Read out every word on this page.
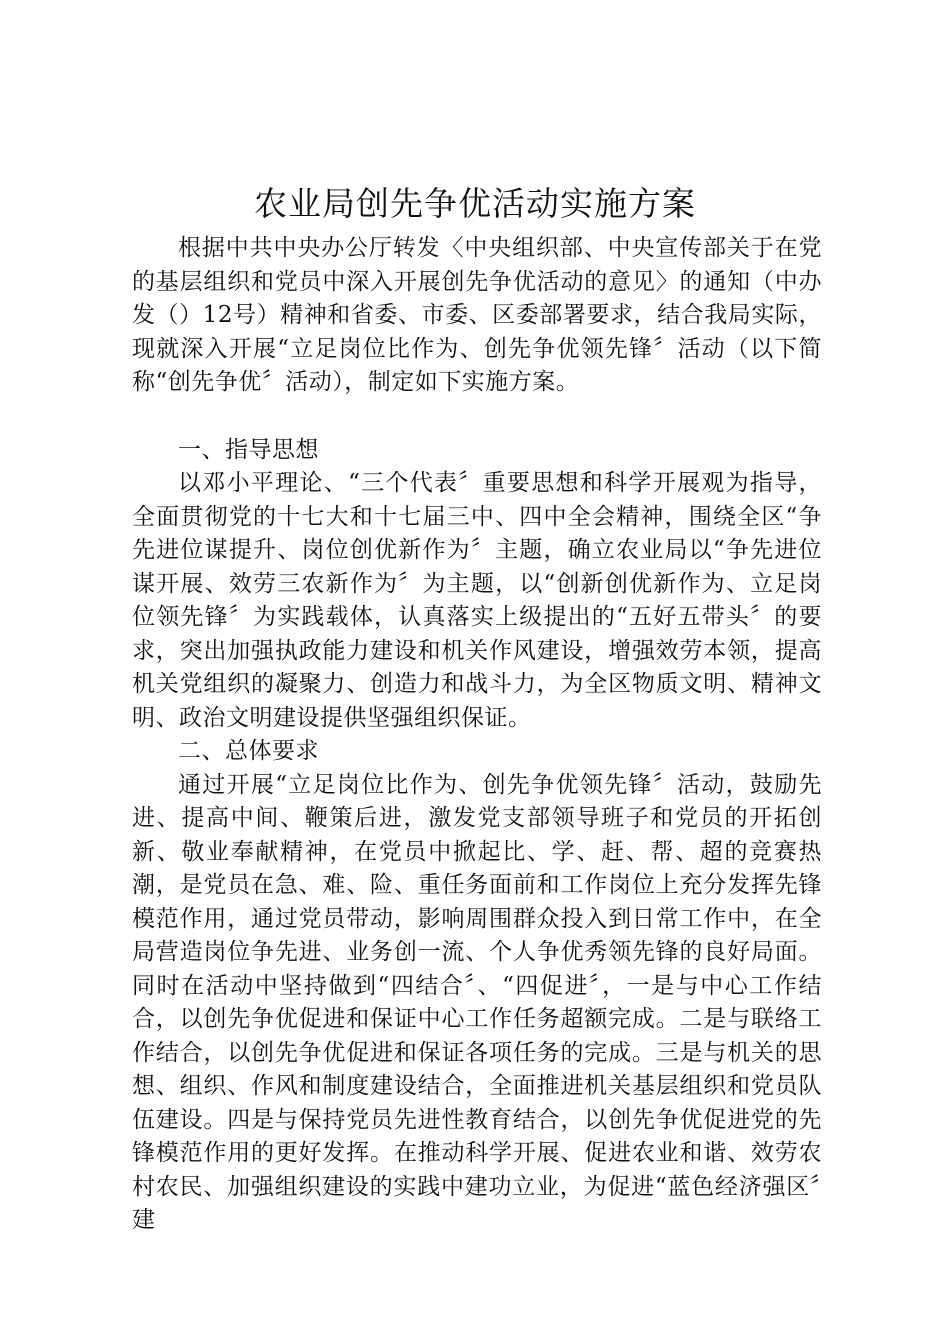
农业局创先争优活动实施方案

根据中共中央办公厅转发〈中央组织部、中央宣传部关于在党的基层组织和党员中深入开展创先争优活动的意见〉的通知（中办发（）12号）精神和省委、市委、区委部署要求，结合我局实际，现就深入开展“立足岗位比作为、创先争优领先锋〞活动（以下简称“创先争优〞活动），制定如下实施方案。

一、指导思想

以邓小平理论、“三个代表〞重要思想和科学开展观为指导，全面贯彻党的十七大和十七届三中、四中全会精神，围绕全区“争先进位谋提升、岗位创优新作为〞主题，确立农业局以“争先进位谋开展、效劳三农新作为〞为主题，以“创新创优新作为、立足岗位领先锋〞为实践载体，认真落实上级提出的“五好五带头〞的要求，突出加强执政能力建设和机关作风建设，增强效劳本领，提高机关党组织的凝聚力、创造力和战斗力，为全区物质文明、精神文明、政治文明建设提供坚强组织保证。

二、总体要求

通过开展“立足岗位比作为、创先争优领先锋〞活动，鼓励先进、提高中间、鞭策后进，激发党支部领导班子和党员的开拓创新、敬业奉献精神，在党员中掀起比、学、赶、帮、超的竞赛热潮，是党员在急、难、险、重任务面前和工作岗位上充分发挥先锋模范作用，通过党员带动，影响周围群众投入到日常工作中，在全局营造岗位争先进、业务创一流、个人争优秀领先锋的良好局面。同时在活动中坚持做到“四结合〞、“四促进〞，一是与中心工作结合，以创先争优促进和保证中心工作任务超额完成。二是与联络工作结合，以创先争优促进和保证各项任务的完成。三是与机关的思想、组织、作风和制度建设结合，全面推进机关基层组织和党员队伍建设。四是与保持党员先进性教育结合，以创先争优促进党的先锋模范作用的更好发挥。在推动科学开展、促进农业和谐、效劳农村农民、加强组织建设的实践中建功立业，为促进“蓝色经济强区〞建
